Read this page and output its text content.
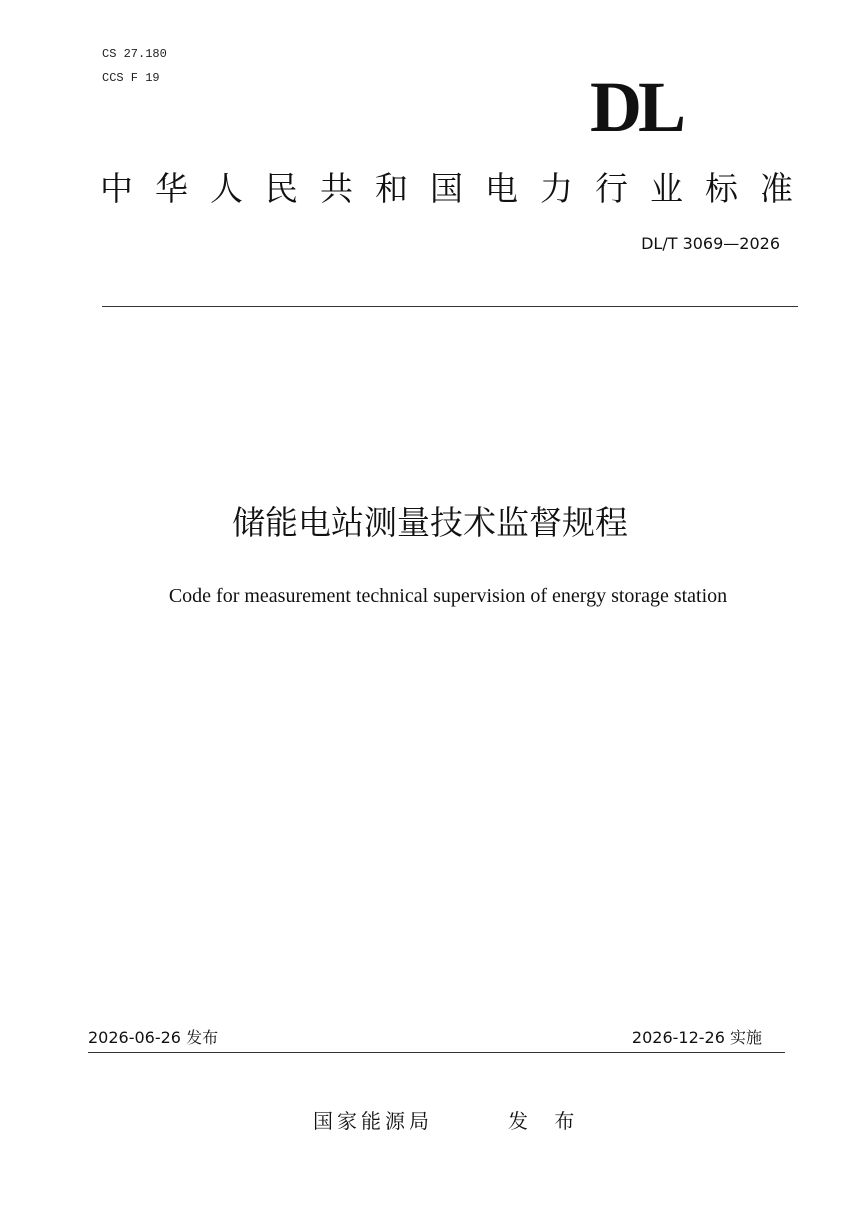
CS 27.180
CCS F 19	DL
中华人民共和国电力行业标准
DL/T 3069—2026
储能电站测量技术监督规程
Code for measurement technical supervision of energy storage station
2026-06-26 发布	2026-12-26 实施
国家能源局	发 布
